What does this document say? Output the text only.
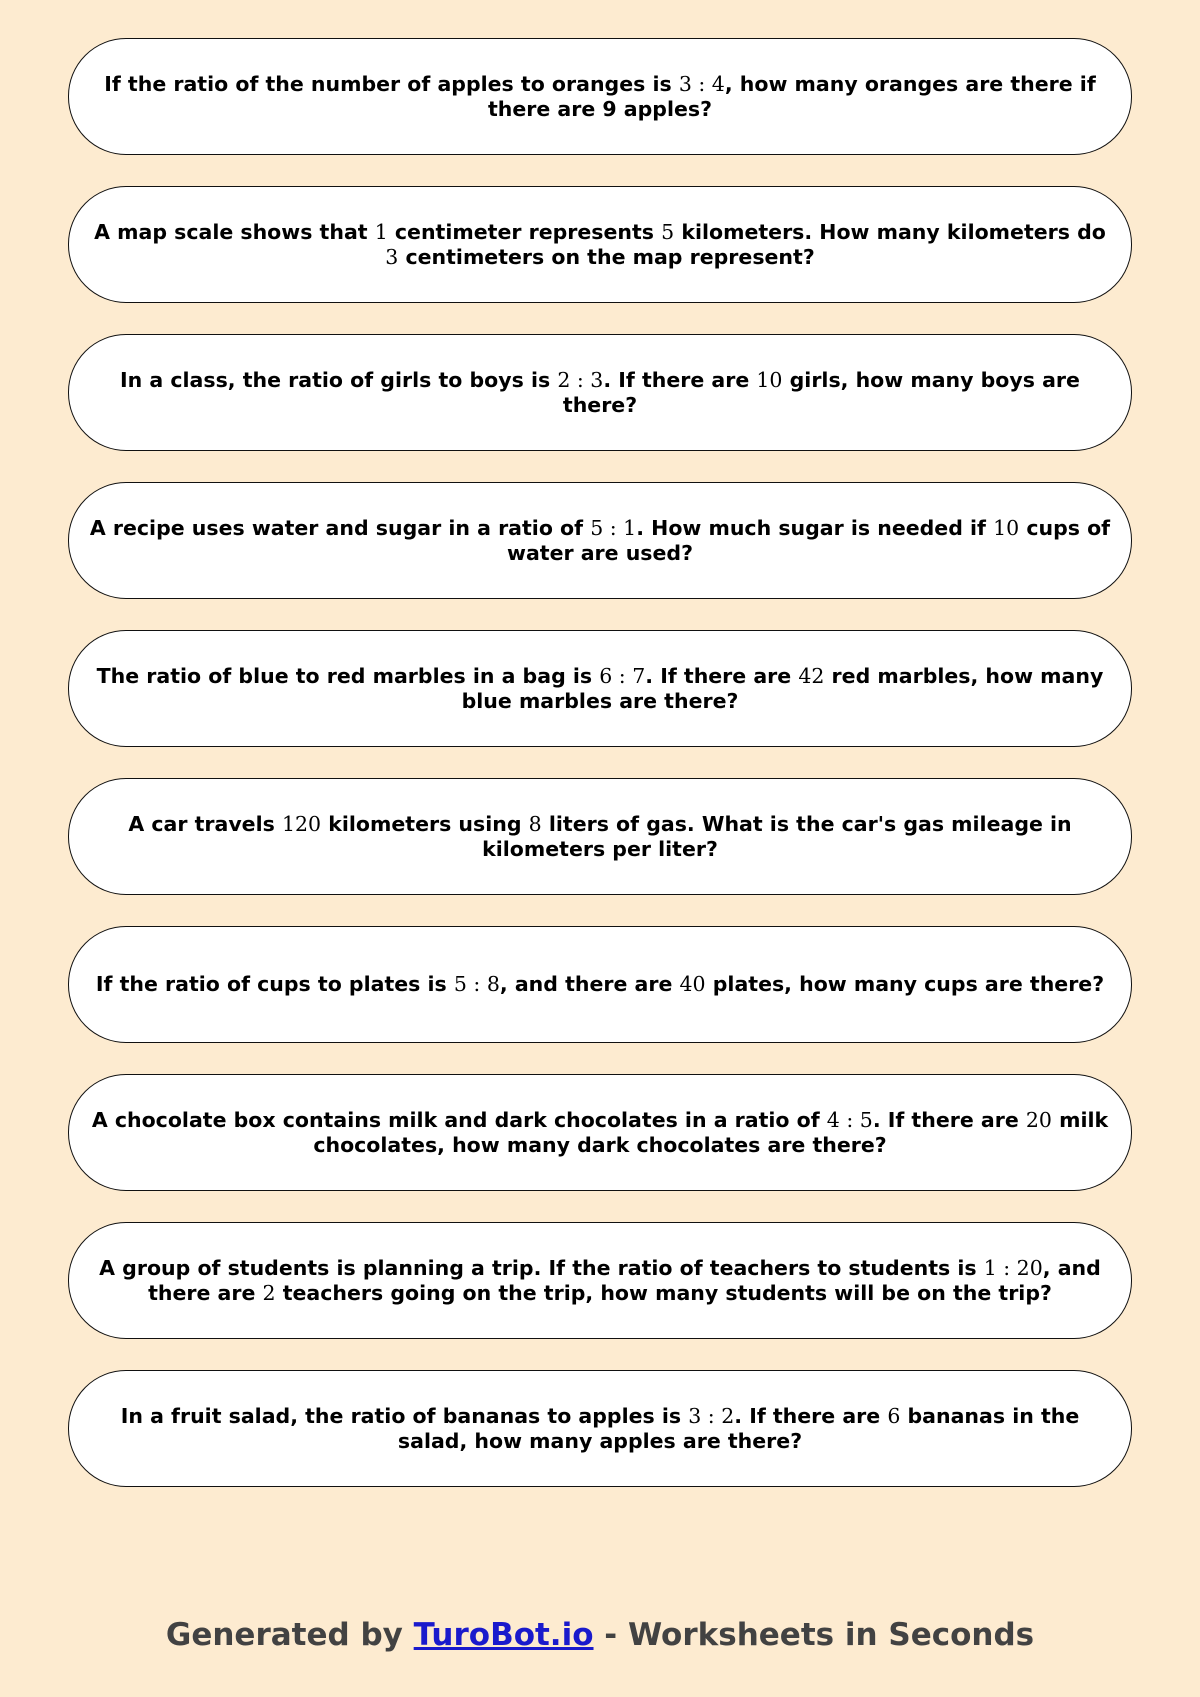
If the ratio of the number of apples to oranges is 3 : 4, how many oranges are there if there are 9 apples?
A map scale shows that 1 centimeter represents 5 kilometers. How many kilometers do 3 centimeters on the map represent?
In a class, the ratio of girls to boys is 2 : 3. If there are 10 girls, how many boys are there?
A recipe uses water and sugar in a ratio of 5 : 1. How much sugar is needed if 10 cups of water are used?
The ratio of blue to red marbles in a bag is 6 : 7. If there are 42 red marbles, how many blue marbles are there?
A car travels 120 kilometers using 8 liters of gas. What is the car's gas mileage in kilometers per liter?
If the ratio of cups to plates is 5 : 8, and there are 40 plates, how many cups are there?
A chocolate box contains milk and dark chocolates in a ratio of 4 : 5. If there are 20 milk chocolates, how many dark chocolates are there?
A group of students is planning a trip. If the ratio of teachers to students is 1 : 20, and there are 2 teachers going on the trip, how many students will be on the trip?
In a fruit salad, the ratio of bananas to apples is 3 : 2. If there are 6 bananas in the salad, how many apples are there?
Generated by TuroBot.io - Worksheets in Seconds
